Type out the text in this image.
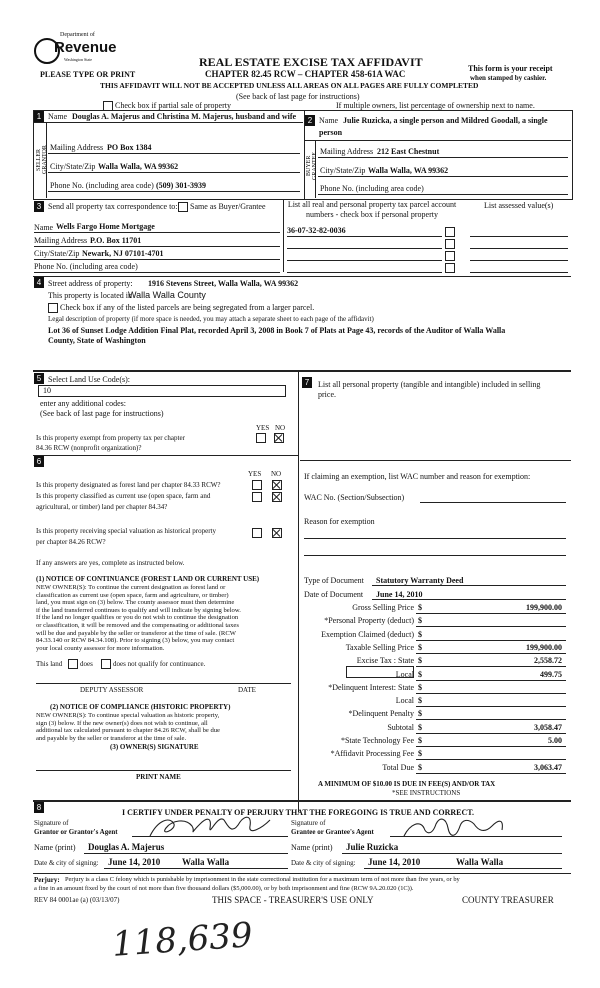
Department of
Revenue
Washington State
PLEASE TYPE OR PRINT
REAL ESTATE EXCISE TAX AFFIDAVIT
CHAPTER 82.45 RCW – CHAPTER 458-61A WAC
This form is your receipt
when stamped by cashier.
THIS AFFIDAVIT WILL NOT BE ACCEPTED UNLESS ALL AREAS ON ALL PAGES ARE FULLY COMPLETED
(See back of last page for instructions)
Check box if partial sale of property	If multiple owners, list percentage of ownership next to name.
1 Name Douglas A. Majerus and Christina M. Majerus, husband and wife
SELLER GRANTOR Mailing Address PO Box 1384
City/State/Zip Walla Walla, WA 99362
Phone No. (including area code) (509) 301-3939
2 Name Julie Ruzicka, a single person and Mildred Goodall, a single
person
BUYER GRANTEE
Mailing Address 212 East Chestnut
City/State/Zip Walla Walla, WA 99362
Phone No. (including area code)
3 Send all property tax correspondence to: Same as Buyer/Grantee	List all real and personal property tax parcel account numbers - check box if personal property
List assessed value(s)
Name Wells Fargo Home Mortgage
Mailing Address P.O. Box 11701
City/State/Zip Newark, NJ 07101-4701
Phone No. (including area code)
36-07-32-82-0036
4 Street address of property: 1916 Stevens Street, Walla Walla, WA 99362
This property is located in
Walla Walla County
Check box if any of the listed parcels are being segregated from a larger parcel.
Legal description of property (if more space is needed, you may attach a separate sheet to each page of the affidavit)
Lot 36 of Sunset Lodge Addition Final Plat, recorded April 3, 2008 in Book 7 of Plats at Page 43, records of the Auditor of Walla Walla
County, State of Washington
5 Select Land Use Code(s):
10
enter any additional codes:
(See back of last page for instructions)
YES NO
Is this property exempt from property tax per chapter
84.36 RCW (nonprofit organization)?
6
YES NO
Is this property designated as forest land per chapter 84.33 RCW?
Is this property classified as current use (open space, farm and
agricultural, or timber) land per chapter 84.34?
Is this property receiving special valuation as historical property
per chapter 84.26 RCW?
If any answers are yes, complete as instructed below.
(1) NOTICE OF CONTINUANCE (FOREST LAND OR CURRENT USE)
NEW OWNER(S): To continue the current designation as forest land or
classification as current use (open space, farm and agriculture, or timber)
land, you must sign on (3) below. The county assessor must then determine
if the land transferred continues to qualify and will indicate by signing below.
If the land no longer qualifies or you do not wish to continue the designation
or classification, it will be removed and the compensating or additional taxes
will be due and payable by the seller or transferor at the time of sale. (RCW
84.33.140 or RCW 84.34.108). Prior to signing (3) below, you may contact
your local county assessor for more information.
This land	does	does not qualify for continuance.
DEPUTY ASSESSOR	DATE
(2) NOTICE OF COMPLIANCE (HISTORIC PROPERTY)
NEW OWNER(S): To continue special valuation as historic property,
sign (3) below. If the new owner(s) does not wish to continue, all
additional tax calculated pursuant to chapter 84.26 RCW, shall be due
and payable by the seller or transferor at the time of sale.
(3) OWNER(S) SIGNATURE
PRINT NAME
7	List all personal property (tangible and intangible) included in selling
price.
If claiming an exemption, list WAC number and reason for exemption:
WAC No. (Section/Subsection)
Reason for exemption
Type of Document Statutory Warranty Deed
Date of Document June 14, 2010
Gross Selling Price $	199,900.00
*Personal Property (deduct) $
Exemption Claimed (deduct) $
Taxable Selling Price $	199,900.00
Excise Tax : State $	2,558.72
Local $	499.75
*Delinquent Interest: State $
Local $
*Delinquent Penalty $
Subtotal $	3,058.47
*State Technology Fee $	5.00
*Affidavit Processing Fee $
Total Due $	3,063.47
A MINIMUM OF $10.00 IS DUE IN FEE(S) AND/OR TAX
*SEE INSTRUCTIONS
8
I CERTIFY UNDER PENALTY OF PERJURY THAT THE FOREGOING IS TRUE AND CORRECT.
Signature of
Grantor or Grantor's Agent
Name (print) Douglas A. Majerus
Date & city of signing: June 14, 2010 Walla Walla
Signature of
Grantee or Grantee's Agent
Name (print) Julie Ruzicka
Date & city of signing: June 14, 2010	Walla Walla
Perjury: Perjury is a class C felony which is punishable by imprisonment in the state correctional institution for a maximum term of not more than five years, or by
a fine in an amount fixed by the court of not more than five thousand dollars ($5,000.00), or by both imprisonment and fine (RCW 9A.20.020 (1C)).
REV 84 0001ae (a) (03/13/07)	THIS SPACE - TREASURER'S USE ONLY	COUNTY TREASURER
118,639
